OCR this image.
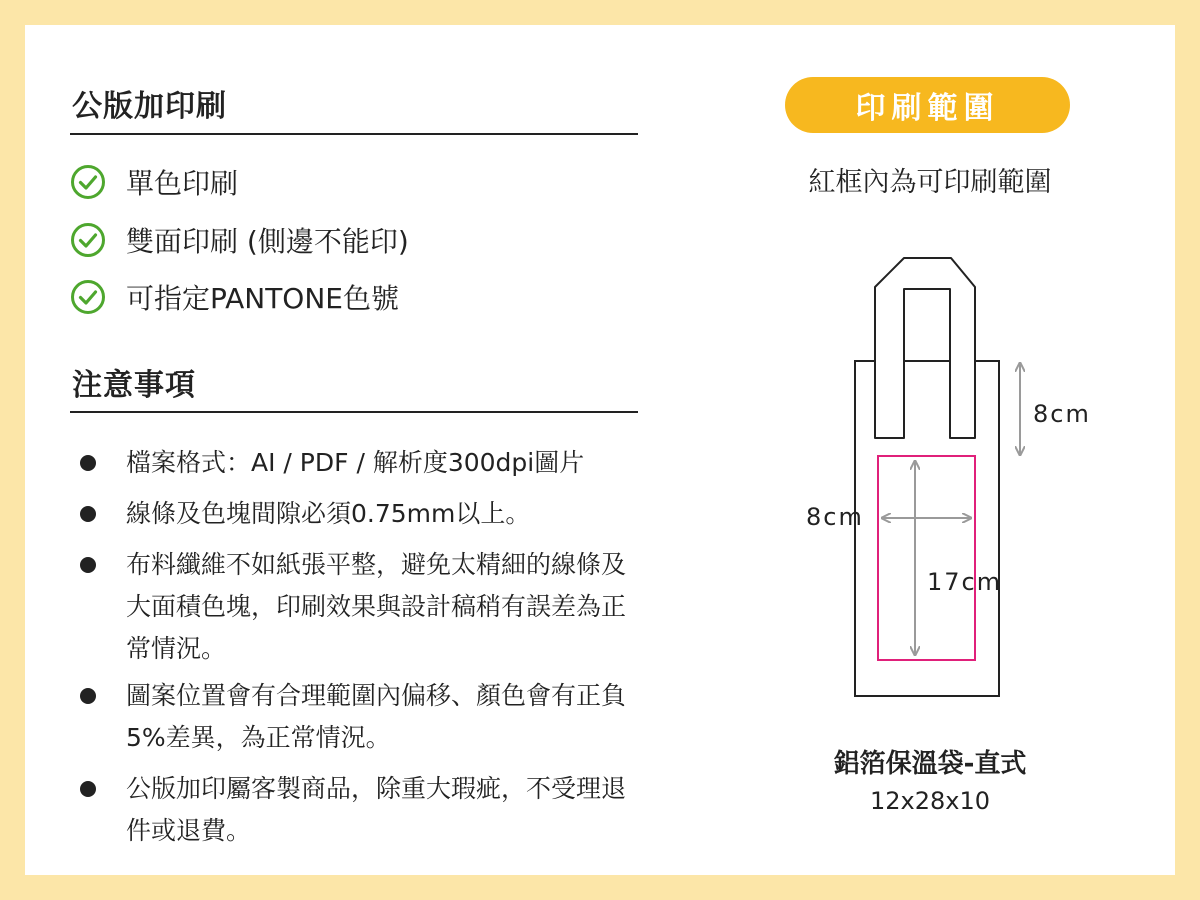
公版加印刷
單色印刷
雙面印刷 (側邊不能印)
可指定PANTONE色號
注意事項
檔案格式：AI / PDF / 解析度300dpi圖片
線條及色塊間隙必須0.75mm以上。
布料纖維不如紙張平整，避免太精細的線條及大面積色塊，印刷效果與設計稿稍有誤差為正常情況。
圖案位置會有合理範圍內偏移、顏色會有正負5%差異，為正常情況。
公版加印屬客製商品，除重大瑕疵，不受理退件或退費。
印刷範圍
紅框內為可印刷範圍
8cm
8cm
17cm
鋁箔保溫袋-直式
12x28x10
